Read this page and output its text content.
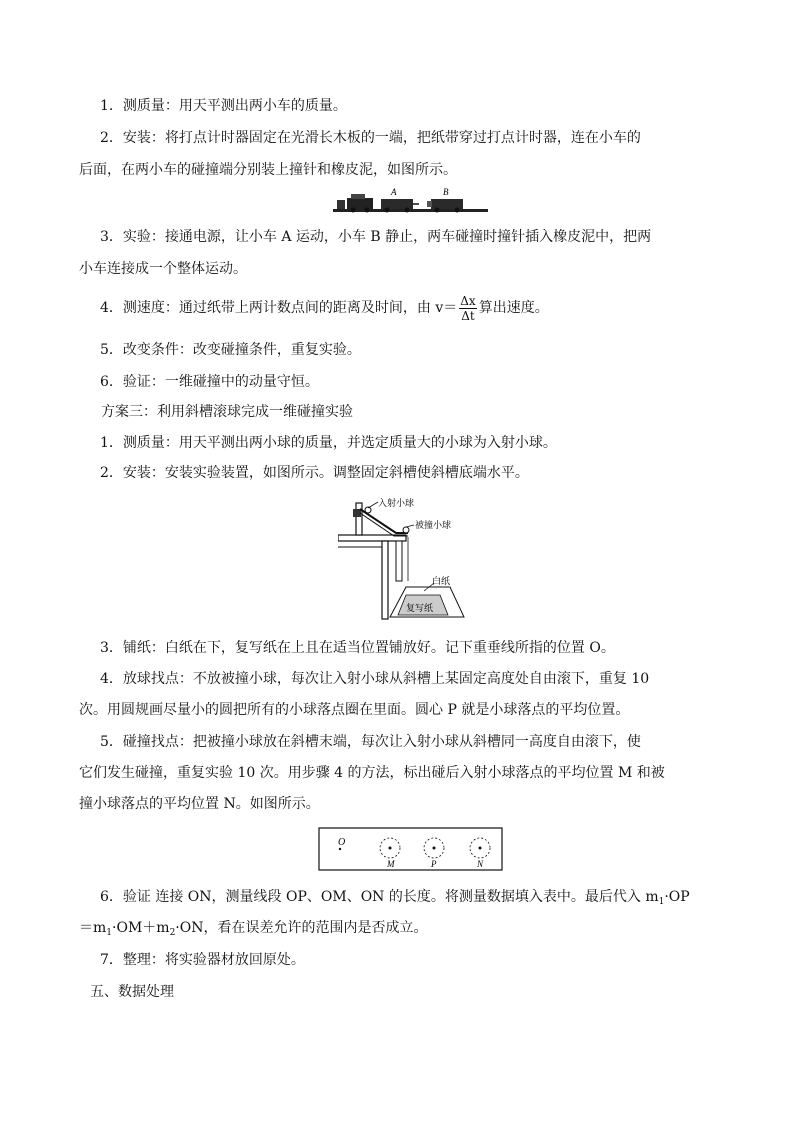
1．测质量：用天平测出两小车的质量。
2．安装：将打点计时器固定在光滑长木板的一端，把纸带穿过打点计时器，连在小车的
后面，在两小车的碰撞端分别装上撞针和橡皮泥，如图所示。
A	B
3．实验：接通电源，让小车 A 运动，小车 B 静止，两车碰撞时撞针插入橡皮泥中，把两
小车连接成一个整体运动。
4．测速度：通过纸带上两计数点间的距离及时间，由 $v= \frac{\Delta x}{\Delta t}$ 算出速度。
5．改变条件：改变碰撞条件，重复实验。
6．验证：一维碰撞中的动量守恒。
方案三：利用斜槽滚球完成一维碰撞实验
1．测质量：用天平测出两小球的质量，并选定质量大的小球为入射小球。
2．安装：安装实验装置，如图所示。调整固定斜槽使斜槽底端水平。
入射小球
被撞小球
白纸
复写纸
3．铺纸：白纸在下，复写纸在上且在适当位置铺放好。记下重垂线所指的位置 O。
4．放球找点：不放被撞小球，每次让入射小球从斜槽上某固定高度处自由滚下，重复 10
次。用圆规画尽量小的圆把所有的小球落点圈在里面。圆心 P 就是小球落点的平均位置。
5．碰撞找点：把被撞小球放在斜槽末端，每次让入射小球从斜槽同一高度自由滚下，使
它们发生碰撞，重复实验 10 次。用步骤 4 的方法，标出碰后入射小球落点的平均位置 M 和被
撞小球落点的平均位置 N。如图所示。
O
M	P	N
6．验证 连接 ON，测量线段 OP、OM、ON 的长度。将测量数据填入表中。最后代入 $m_1\cdot OP$
$=m_1\cdot OM+m_2\cdot ON$，看在误差允许的范围内是否成立。
7．整理：将实验器材放回原处。
五、数据处理
